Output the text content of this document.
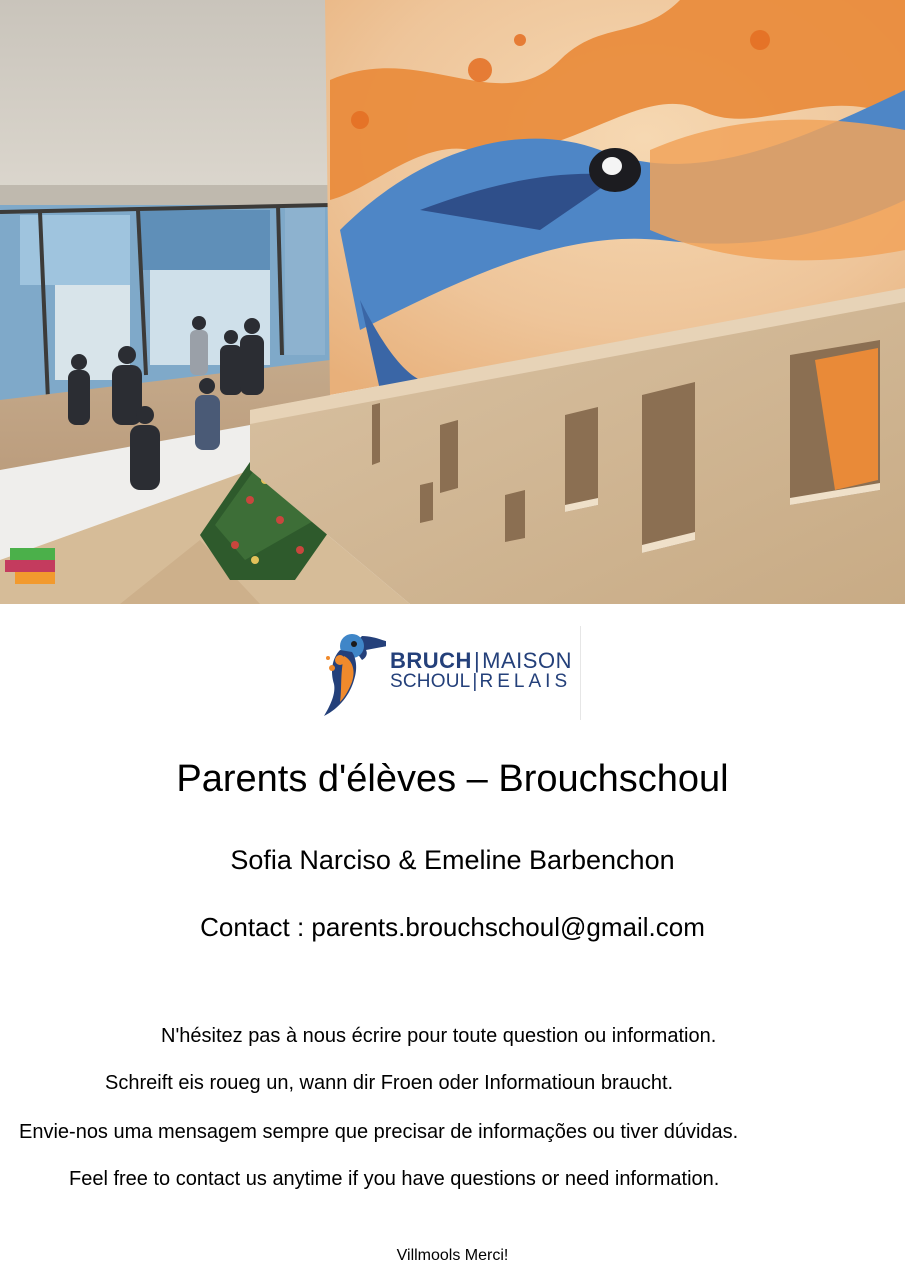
BRUCH|MAISON
SCHOUL | RELAIS
Parents d'élèves – Brouchschoul
Sofia Narciso & Emeline Barbenchon
Contact : parents.brouchschoul@gmail.com
N'hésitez pas à nous écrire pour toute question ou information.
Schreift eis roueg un, wann dir Froen oder Informatioun braucht.
Envie-nos uma mensagem sempre que precisar de informações ou tiver dúvidas.
Feel free to contact us anytime if you have questions or need information.
Villmools Merci!
